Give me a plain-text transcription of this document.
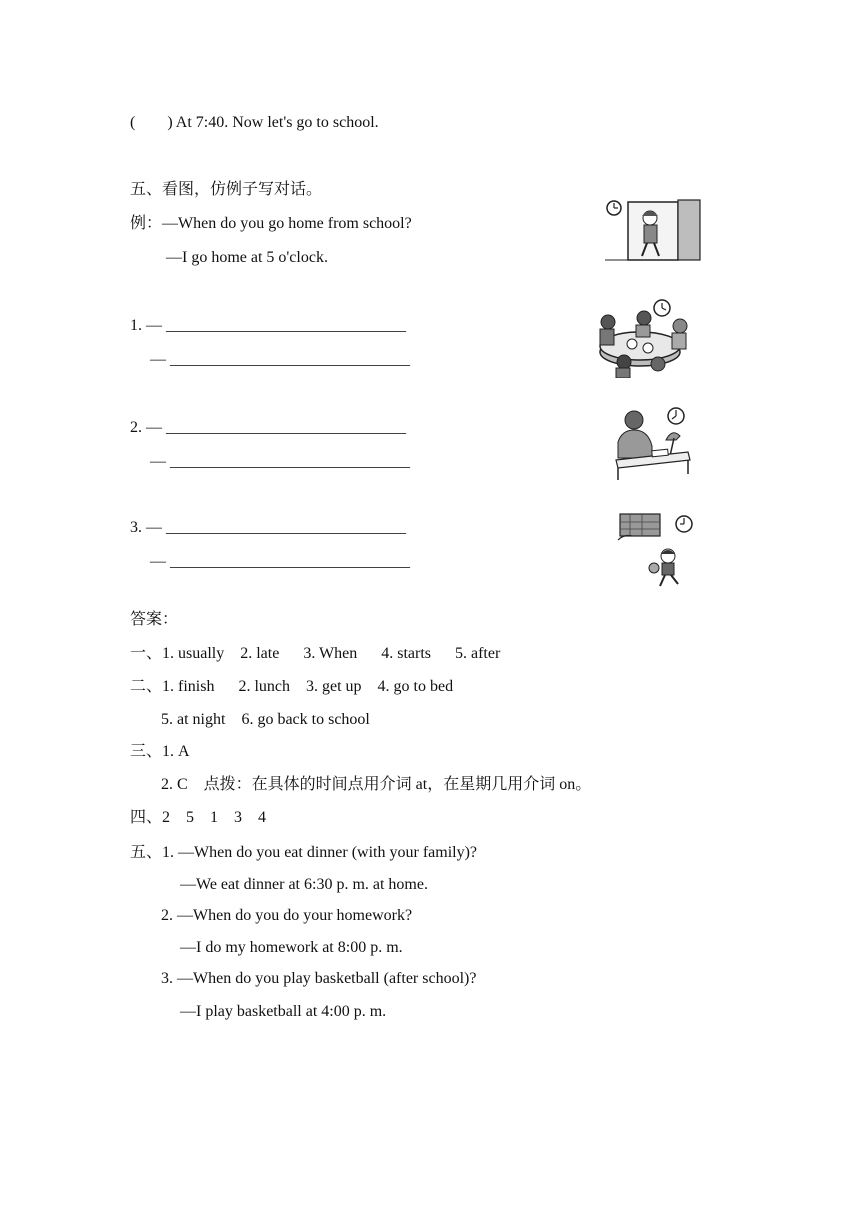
(        ) At 7:40. Now let's go to school.
五、看图，仿例子写对话。
例：—When do you go home from school?
—I go home at 5 o'clock.
1. — ______________________________
— ______________________________
2. — ______________________________
— ______________________________
3. — ______________________________
— ______________________________
答案：
一、1. usually    2. late      3. When      4. starts      5. after
二、1. finish      2. lunch    3. get up    4. go to bed
5. at night    6. go back to school
三、1. A
2. C    点拨：在具体的时间点用介词 at，在星期几用介词 on。
四、2    5    1    3    4
五、1. —When do you eat dinner (with your family)?
—We eat dinner at 6:30 p. m. at home.
2. —When do you do your homework?
—I do my homework at 8:00 p. m.
3. —When do you play basketball (after school)?
—I play basketball at 4:00 p. m.
